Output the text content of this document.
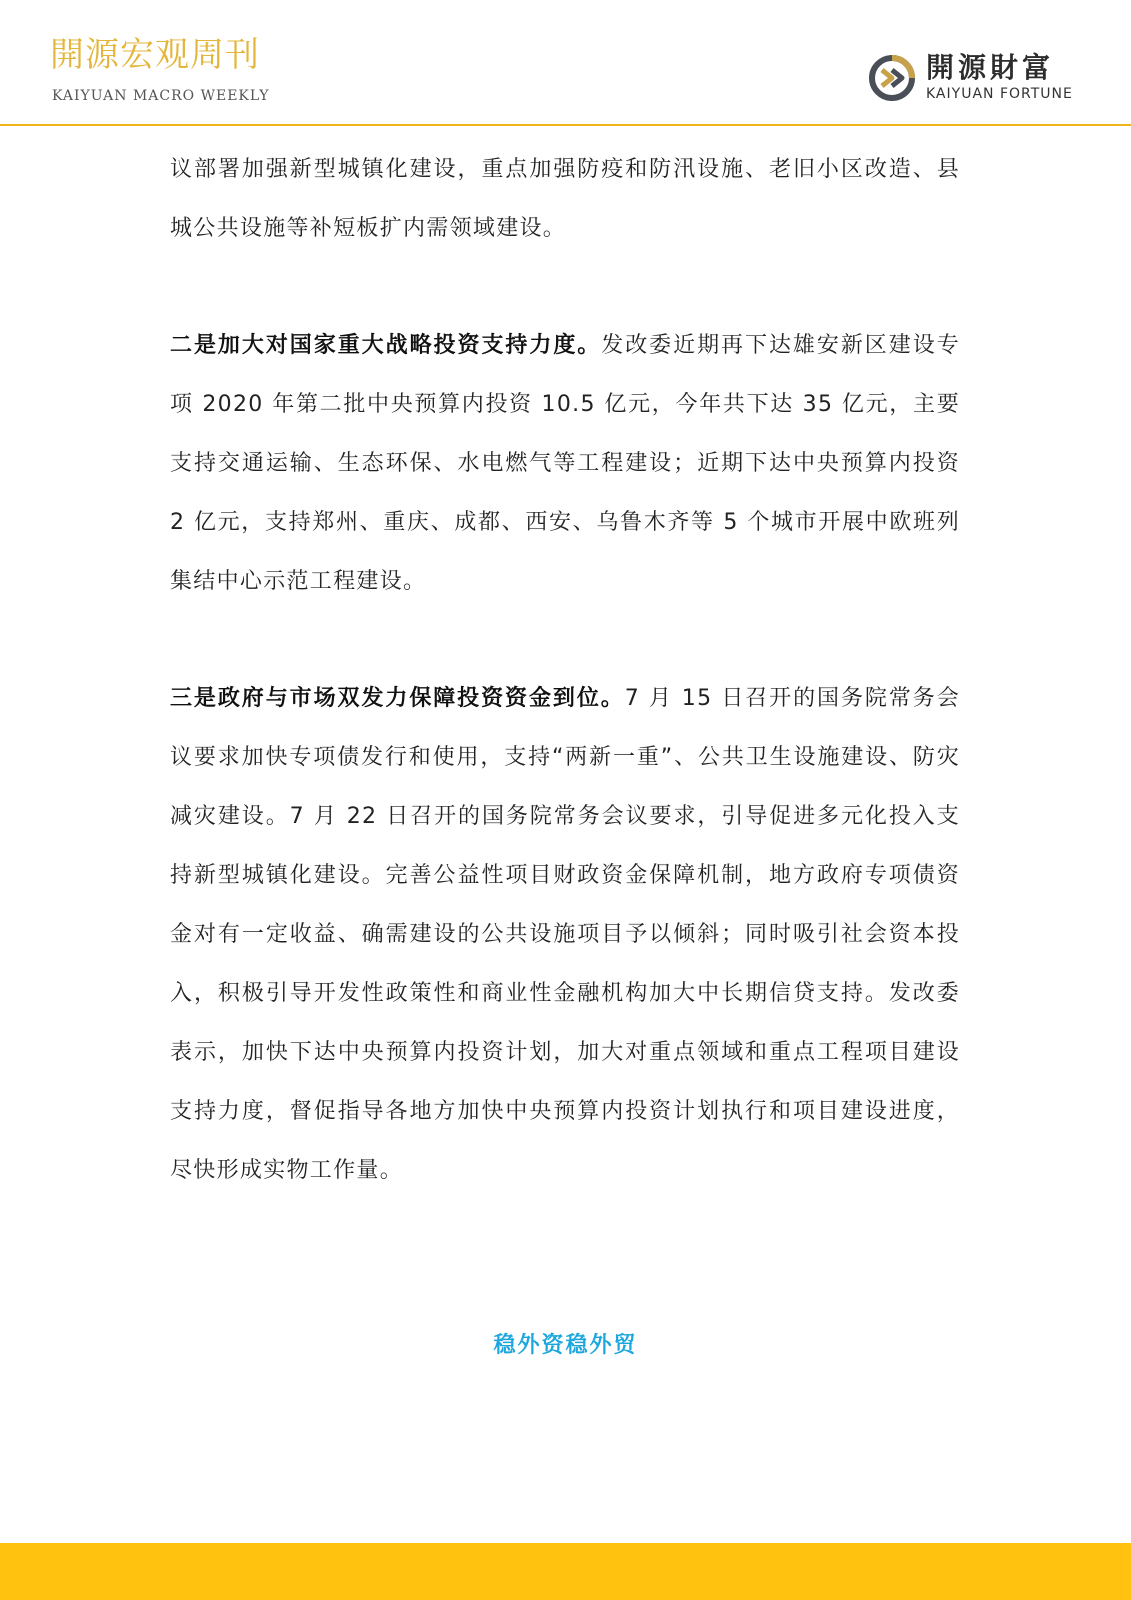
開源宏观周刊
KAIYUAN MACRO WEEKLY
開源財富
KAIYUAN FORTUNE

议部署加强新型城镇化建设，重点加强防疫和防汛设施、老旧小区改造、县城公共设施等补短板扩内需领域建设。

二是加大对国家重大战略投资支持力度。发改委近期再下达雄安新区建设专项 2020 年第二批中央预算内投资 10.5 亿元，今年共下达 35 亿元，主要支持交通运输、生态环保、水电燃气等工程建设；近期下达中央预算内投资 2 亿元，支持郑州、重庆、成都、西安、乌鲁木齐等 5 个城市开展中欧班列集结中心示范工程建设。

三是政府与市场双发力保障投资资金到位。7 月 15 日召开的国务院常务会议要求加快专项债发行和使用，支持“两新一重”、公共卫生设施建设、防灾减灾建设。7 月 22 日召开的国务院常务会议要求，引导促进多元化投入支持新型城镇化建设。完善公益性项目财政资金保障机制，地方政府专项债资金对有一定收益、确需建设的公共设施项目予以倾斜；同时吸引社会资本投入，积极引导开发性政策性和商业性金融机构加大中长期信贷支持。发改委表示，加快下达中央预算内投资计划，加大对重点领域和重点工程项目建设支持力度，督促指导各地方加快中央预算内投资计划执行和项目建设进度，尽快形成实物工作量。

稳外资稳外贸
